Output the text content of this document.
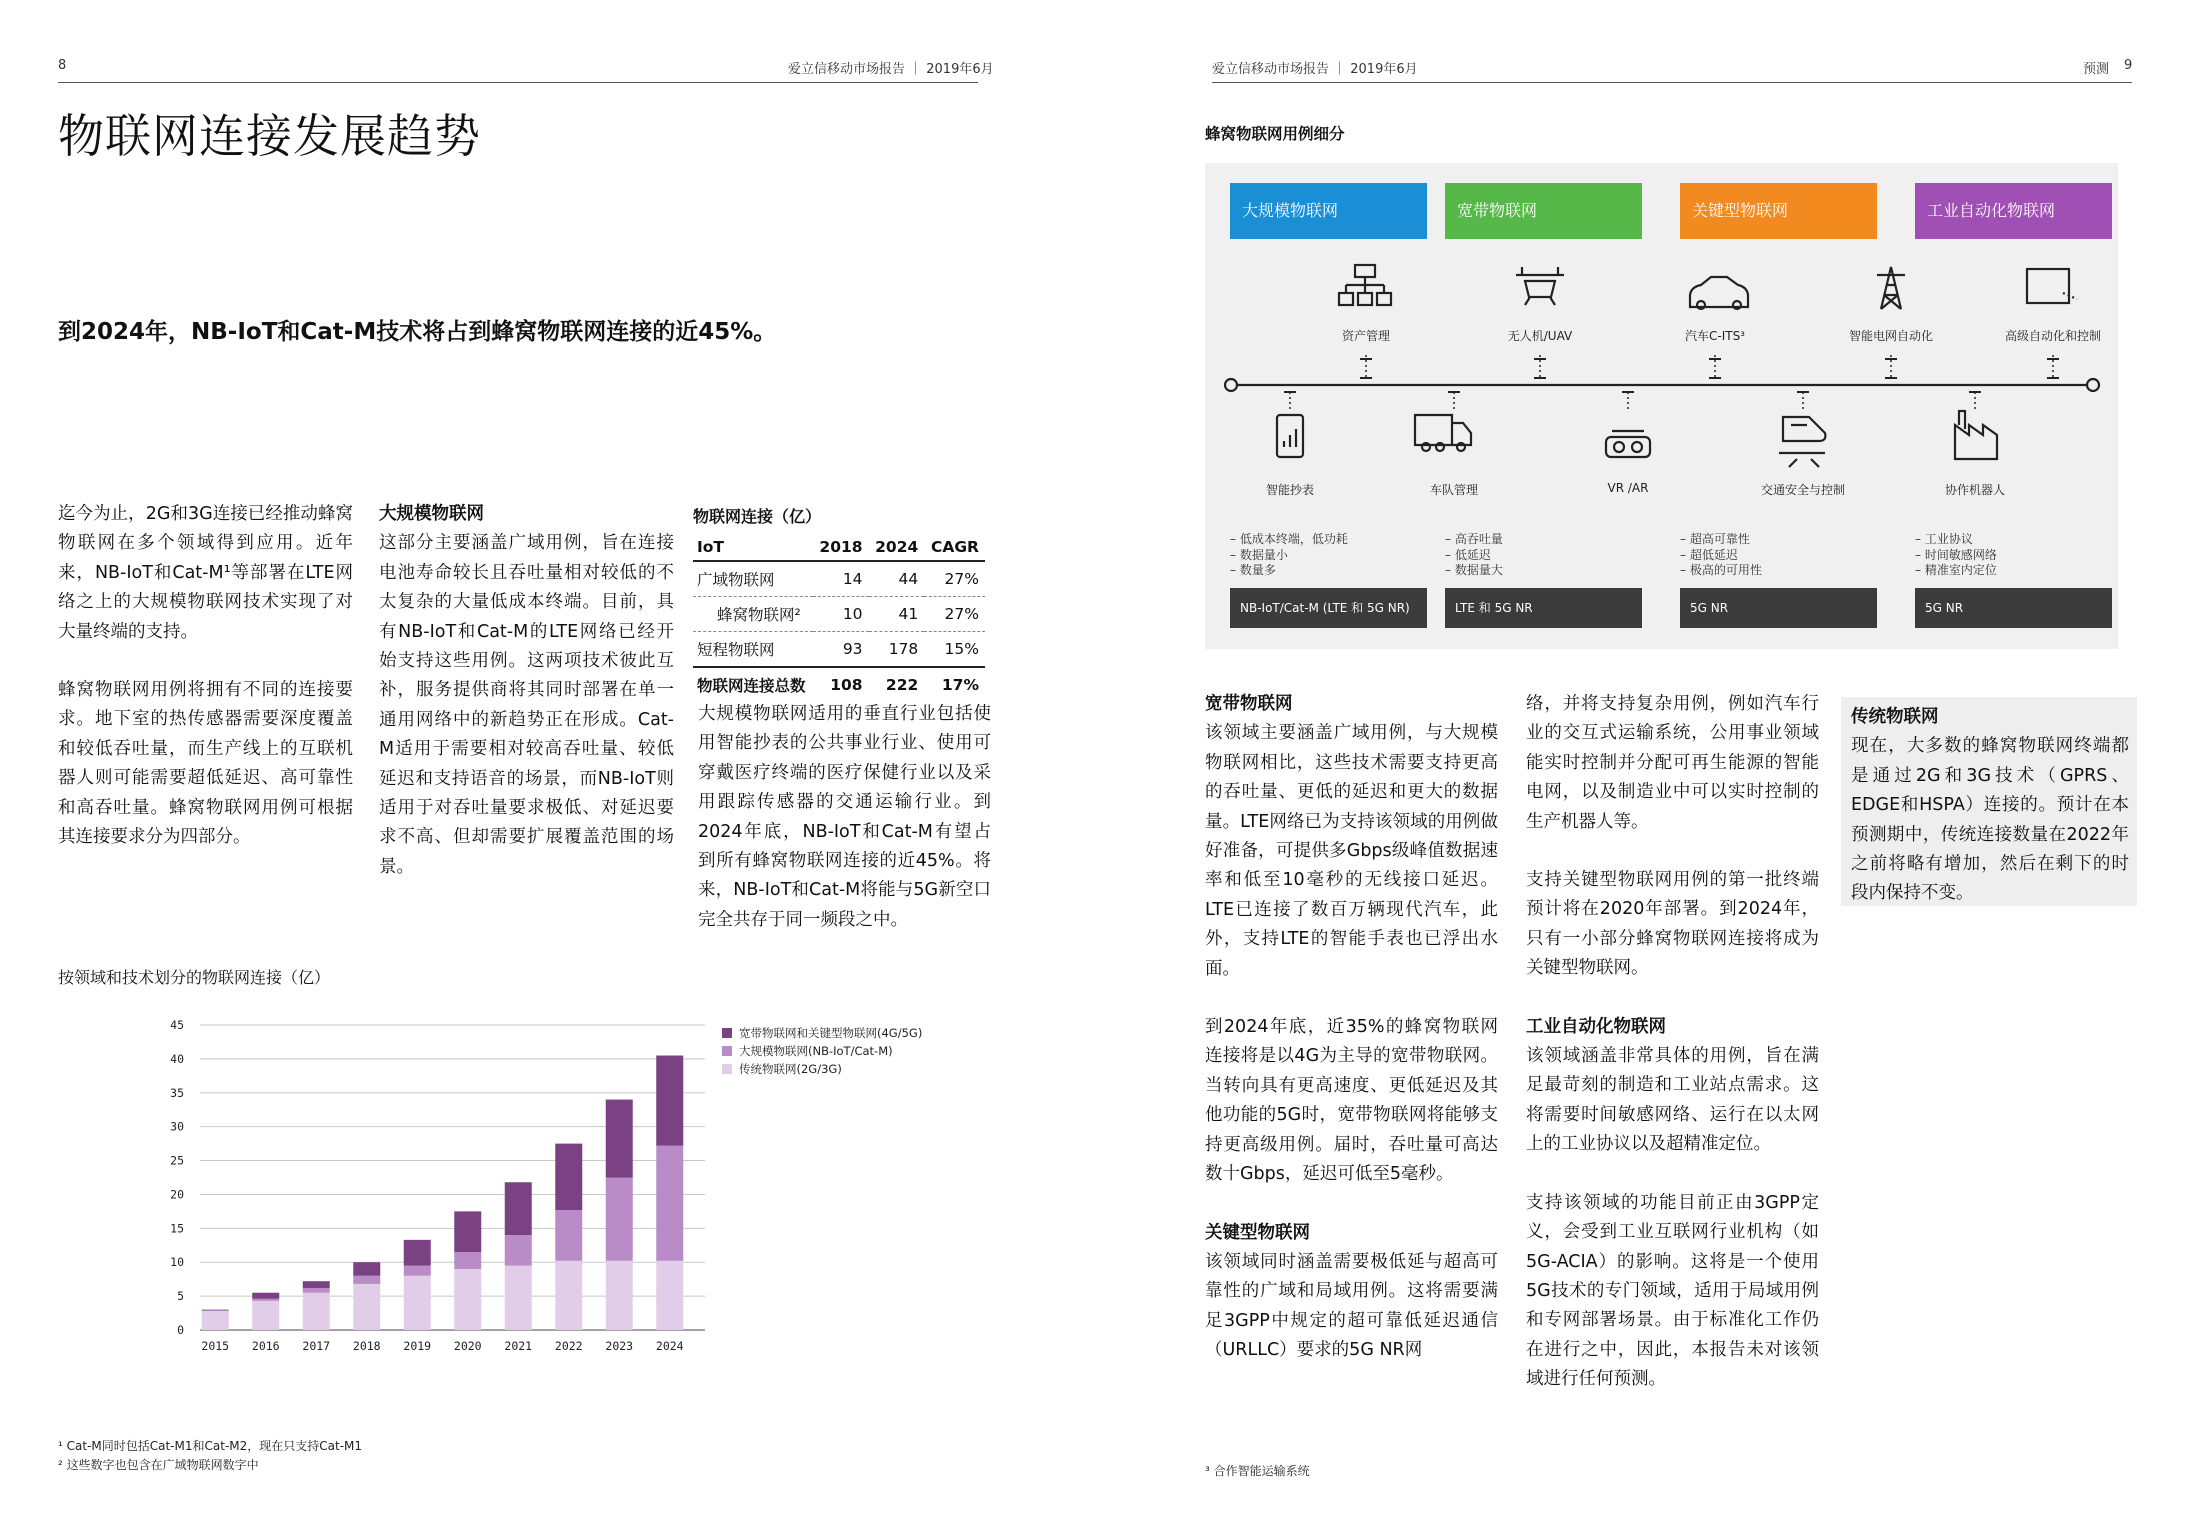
8	爱立信移动市场报告 ｜ 2019年6月
物联网连接发展趋势
到2024年，NB-IoT和Cat-M技术将占到蜂窝物联网连接的近45%。

迄今为止，2G和3G连接已经推动蜂窝物联网在多个领域得到应用。近年来，NB-IoT和Cat-M¹等部署在LTE网络之上的大规模物联网技术实现了对大量终端的支持。

蜂窝物联网用例将拥有不同的连接要求。地下室的热传感器需要深度覆盖和较低吞吐量，而生产线上的互联机器人则可能需要超低延迟、高可靠性和高吞吐量。蜂窝物联网用例可根据其连接要求分为四部分。

大规模物联网

这部分主要涵盖广域用例，旨在连接电池寿命较长且吞吐量相对较低的不太复杂的大量低成本终端。目前，具有NB-IoT和Cat-M的LTE网络已经开始支持这些用例。这两项技术彼此互补，服务提供商将其同时部署在单一通用网络中的新趋势正在形成。Cat-M适用于需要相对较高吞吐量、较低延迟和支持语音的场景，而NB-IoT则适用于对吞吐量要求极低、对延迟要求不高、但却需要扩展覆盖范围的场景。

物联网连接（亿）
IoT	2018	2024	CAGR
广域物联网	14	44	27%
蜂窝物联网²	10	41	27%
短程物联网	93	178	15%
物联网连接总数	108	222	17%

大规模物联网适用的垂直行业包括使用智能抄表的公共事业行业、使用可穿戴医疗终端的医疗保健行业以及采用跟踪传感器的交通运输行业。到2024年底，NB-IoT和Cat-M有望占到所有蜂窝物联网连接的近45%。将来，NB-IoT和Cat-M将能与5G新空口完全共存于同一频段之中。

按领域和技术划分的物联网连接（亿）
0
5
10
15
20
25
30
35
40
45
2015 2016 2017 2018 2019 2020 2021 2022 2023 2024
宽带物联网和关键型物联网(4G/5G)
大规模物联网(NB-IoT/Cat-M)
传统物联网(2G/3G)
¹ Cat-M同时包括Cat-M1和Cat-M2，现在只支持Cat-M1
² 这些数字也包含在广域物联网数字中
爱立信移动市场报告 ｜ 2019年6月	预测 9
蜂窝物联网用例细分
大规模物联网	宽带物联网	关键型物联网	工业自动化物联网
资产管理	无人机/UAV	汽车C-ITS³	智能电网自动化	高级自动化和控制
智能抄表	车队管理	VR /AR	交通安全与控制	协作机器人
– 低成本终端，低功耗
– 数据量小
– 数量多
– 高吞吐量
– 低延迟
– 数据量大
– 超高可靠性
– 超低延迟
– 极高的可用性
– 工业协议
– 时间敏感网络
– 精准室内定位
NB-IoT/Cat-M (LTE 和 5G NR)	LTE 和 5G NR	5G NR	5G NR
宽带物联网

该领域主要涵盖广域用例，与大规模物联网相比，这些技术需要支持更高的吞吐量、更低的延迟和更大的数据量。LTE网络已为支持该领域的用例做好准备，可提供多Gbps级峰值数据速率和低至10毫秒的无线接口延迟。LTE已连接了数百万辆现代汽车，此外，支持LTE的智能手表也已浮出水面。

到2024年底，近35%的蜂窝物联网连接将是以4G为主导的宽带物联网。当转向具有更高速度、更低延迟及其他功能的5G时，宽带物联网将能够支持更高级用例。届时，吞吐量可高达数十Gbps，延迟可低至5毫秒。

关键型物联网

该领域同时涵盖需要极低延与超高可靠性的广域和局域用例。这将需要满足3GPP中规定的超可靠低延迟通信（URLLC）要求的5G NR网

络，并将支持复杂用例，例如汽车行业的交互式运输系统，公用事业领域能实时控制并分配可再生能源的智能电网，以及制造业中可以实时控制的生产机器人等。

支持关键型物联网用例的第一批终端预计将在2020年部署。到2024年，只有一小部分蜂窝物联网连接将成为关键型物联网。

工业自动化物联网

该领域涵盖非常具体的用例，旨在满足最苛刻的制造和工业站点需求。这将需要时间敏感网络、运行在以太网上的工业协议以及超精准定位。

支持该领域的功能目前正由3GPP定义，会受到工业互联网行业机构（如5G-ACIA）的影响。这将是一个使用5G技术的专门领域，适用于局域用例和专网部署场景。由于标准化工作仍在进行之中，因此，本报告未对该领域进行任何预测。

传统物联网

现在，大多数的蜂窝物联网终端都是通过2G和3G技术（GPRS、EDGE和HSPA）连接的。预计在本预测期中，传统连接数量在2022年之前将略有增加，然后在剩下的时段内保持不变。

³ 合作智能运输系统
